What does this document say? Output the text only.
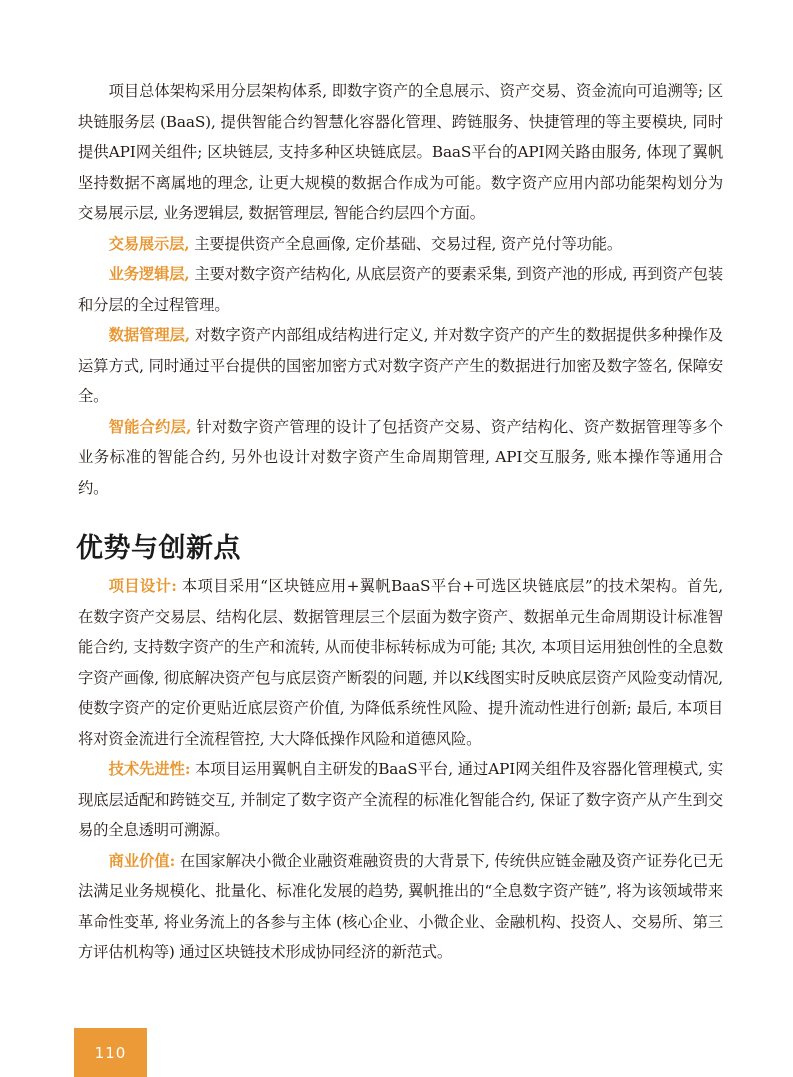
项目总体架构采用分层架构体系, 即数字资产的全息展示、资产交易、资金流向可追溯等; 区块链服务层 (BaaS), 提供智能合约智慧化容器化管理、跨链服务、快捷管理的等主要模块, 同时提供API网关组件; 区块链层, 支持多种区块链底层。BaaS平台的API网关路由服务, 体现了翼帆坚持数据不离属地的理念, 让更大规模的数据合作成为可能。数字资产应用内部功能架构划分为交易展示层, 业务逻辑层, 数据管理层, 智能合约层四个方面。

交易展示层, 主要提供资产全息画像, 定价基础、交易过程, 资产兑付等功能。

业务逻辑层, 主要对数字资产结构化, 从底层资产的要素采集, 到资产池的形成, 再到资产包装和分层的全过程管理。

数据管理层, 对数字资产内部组成结构进行定义, 并对数字资产的产生的数据提供多种操作及运算方式, 同时通过平台提供的国密加密方式对数字资产产生的数据进行加密及数字签名, 保障安全。

智能合约层, 针对数字资产管理的设计了包括资产交易、资产结构化、资产数据管理等多个业务标准的智能合约, 另外也设计对数字资产生命周期管理, API交互服务, 账本操作等通用合约。

优势与创新点

项目设计: 本项目采用“区块链应用+翼帆BaaS平台+可选区块链底层”的技术架构。首先, 在数字资产交易层、结构化层、数据管理层三个层面为数字资产、数据单元生命周期设计标准智能合约, 支持数字资产的生产和流转, 从而使非标转标成为可能; 其次, 本项目运用独创性的全息数字资产画像, 彻底解决资产包与底层资产断裂的问题, 并以K线图实时反映底层资产风险变动情况, 使数字资产的定价更贴近底层资产价值, 为降低系统性风险、提升流动性进行创新; 最后, 本项目将对资金流进行全流程管控, 大大降低操作风险和道德风险。

技术先进性: 本项目运用翼帆自主研发的BaaS平台, 通过API网关组件及容器化管理模式, 实现底层适配和跨链交互, 并制定了数字资产全流程的标准化智能合约, 保证了数字资产从产生到交易的全息透明可溯源。

商业价值: 在国家解决小微企业融资难融资贵的大背景下, 传统供应链金融及资产证券化已无法满足业务规模化、批量化、标准化发展的趋势, 翼帆推出的“全息数字资产链”, 将为该领域带来革命性变革, 将业务流上的各参与主体 (核心企业、小微企业、金融机构、投资人、交易所、第三方评估机构等) 通过区块链技术形成协同经济的新范式。

110
